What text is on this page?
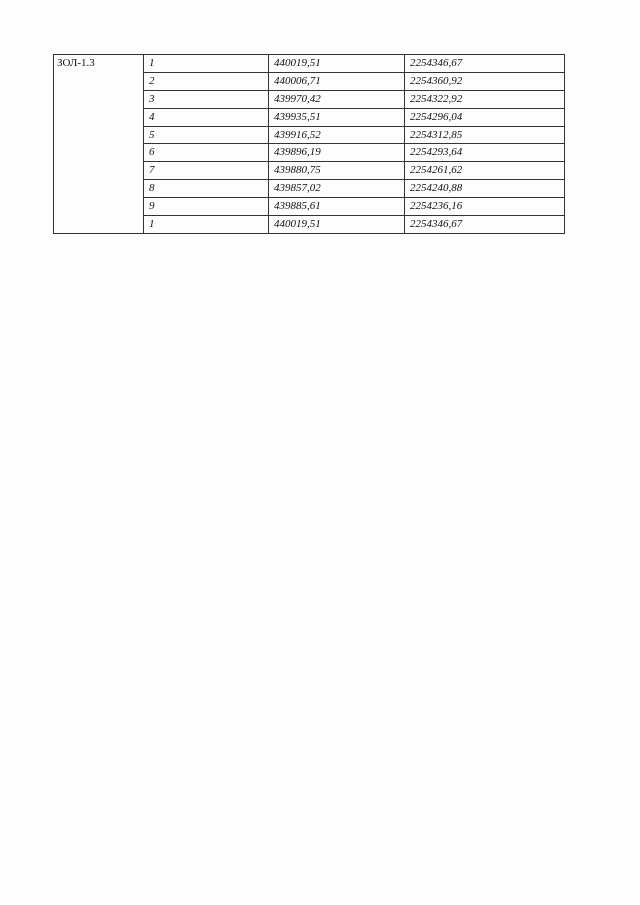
ЗОЛ-1.3	1	440019,51	2254346,67
	2	440006,71	2254360,92
	3	439970,42	2254322,92
	4	439935,51	2254296,04
	5	439916,52	2254312,85
	6	439896,19	2254293,64
	7	439880,75	2254261,62
	8	439857,02	2254240,88
	9	439885,61	2254236,16
	1	440019,51	2254346,67
